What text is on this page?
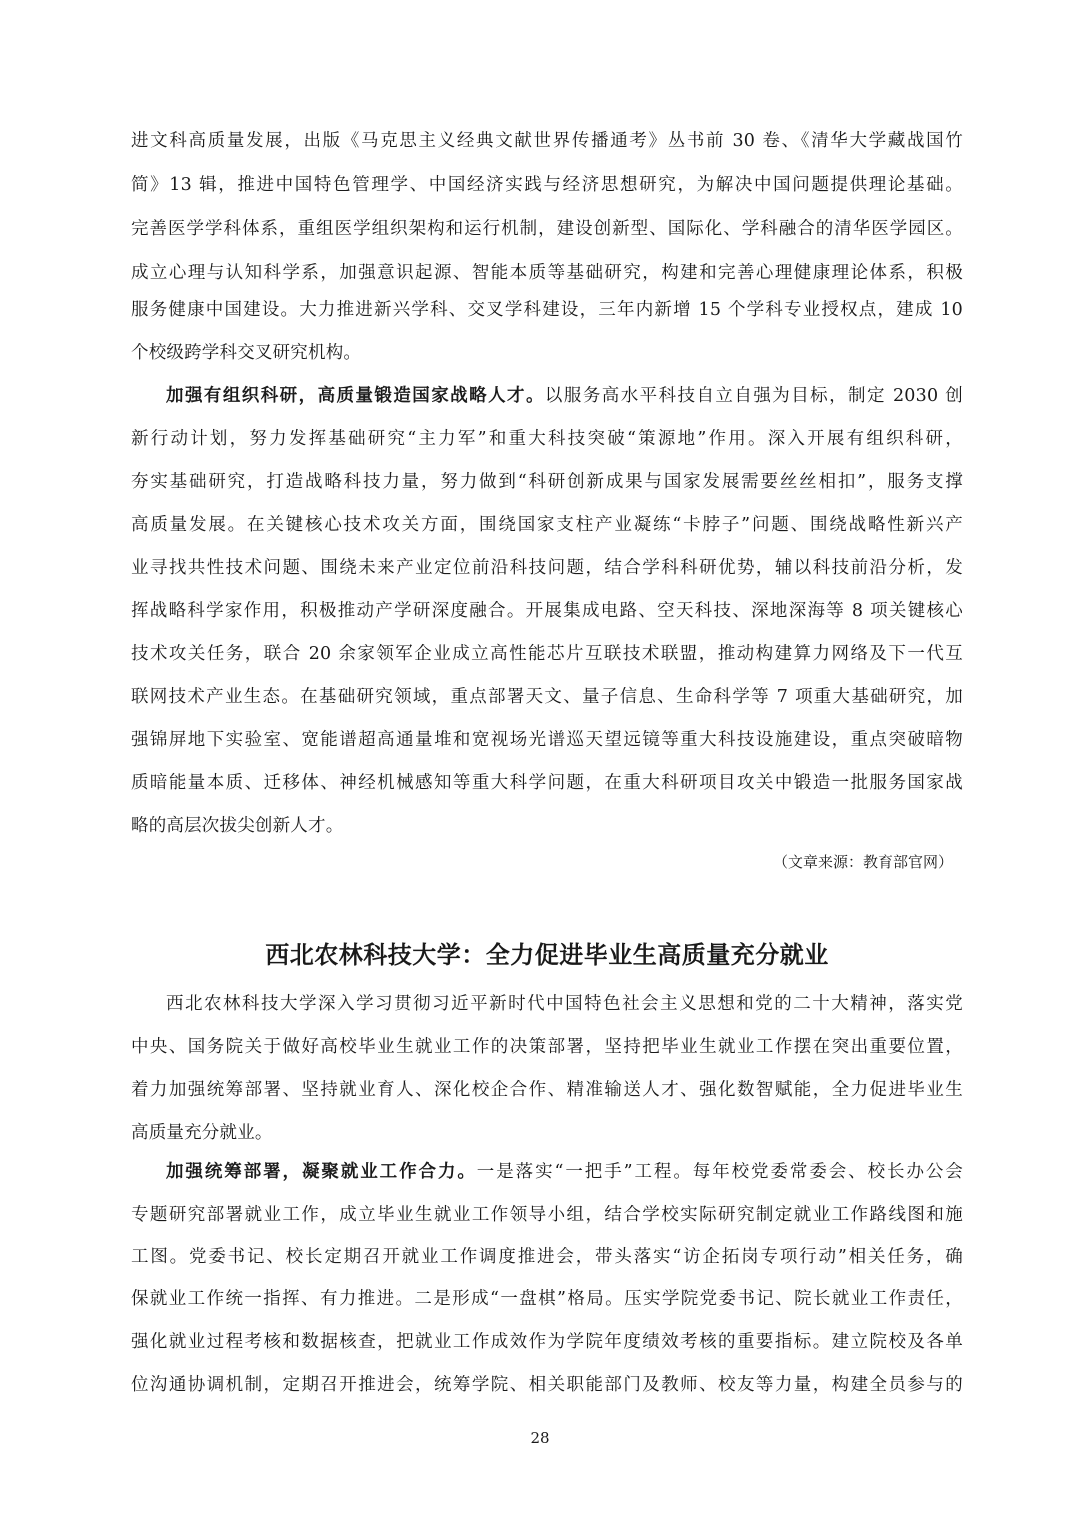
进文科高质量发展，出版《马克思主义经典文献世界传播通考》丛书前 30 卷、《清华大学藏战国竹
简》13 辑，推进中国特色管理学、中国经济实践与经济思想研究，为解决中国问题提供理论基础。
完善医学学科体系，重组医学组织架构和运行机制，建设创新型、国际化、学科融合的清华医学园区。
成立心理与认知科学系，加强意识起源、智能本质等基础研究，构建和完善心理健康理论体系，积极
服务健康中国建设。大力推进新兴学科、交叉学科建设，三年内新增 15 个学科专业授权点，建成 10
个校级跨学科交叉研究机构。
加强有组织科研，高质量锻造国家战略人才。以服务高水平科技自立自强为目标，制定 2030 创
新行动计划，努力发挥基础研究“主力军”和重大科技突破“策源地”作用。深入开展有组织科研，
夯实基础研究，打造战略科技力量，努力做到“科研创新成果与国家发展需要丝丝相扣”，服务支撑
高质量发展。在关键核心技术攻关方面，围绕国家支柱产业凝练“卡脖子”问题、围绕战略性新兴产
业寻找共性技术问题、围绕未来产业定位前沿科技问题，结合学科科研优势，辅以科技前沿分析，发
挥战略科学家作用，积极推动产学研深度融合。开展集成电路、空天科技、深地深海等 8 项关键核心
技术攻关任务，联合 20 余家领军企业成立高性能芯片互联技术联盟，推动构建算力网络及下一代互
联网技术产业生态。在基础研究领域，重点部署天文、量子信息、生命科学等 7 项重大基础研究，加
强锦屏地下实验室、宽能谱超高通量堆和宽视场光谱巡天望远镜等重大科技设施建设，重点突破暗物
质暗能量本质、迁移体、神经机械感知等重大科学问题，在重大科研项目攻关中锻造一批服务国家战
略的高层次拔尖创新人才。
（文章来源：教育部官网）
西北农林科技大学：全力促进毕业生高质量充分就业
西北农林科技大学深入学习贯彻习近平新时代中国特色社会主义思想和党的二十大精神，落实党
中央、国务院关于做好高校毕业生就业工作的决策部署，坚持把毕业生就业工作摆在突出重要位置，
着力加强统筹部署、坚持就业育人、深化校企合作、精准输送人才、强化数智赋能，全力促进毕业生
高质量充分就业。
加强统筹部署，凝聚就业工作合力。一是落实“一把手”工程。每年校党委常委会、校长办公会
专题研究部署就业工作，成立毕业生就业工作领导小组，结合学校实际研究制定就业工作路线图和施
工图。党委书记、校长定期召开就业工作调度推进会，带头落实“访企拓岗专项行动”相关任务，确
保就业工作统一指挥、有力推进。二是形成“一盘棋”格局。压实学院党委书记、院长就业工作责任，
强化就业过程考核和数据核查，把就业工作成效作为学院年度绩效考核的重要指标。建立院校及各单
位沟通协调机制，定期召开推进会，统筹学院、相关职能部门及教师、校友等力量，构建全员参与的
28
